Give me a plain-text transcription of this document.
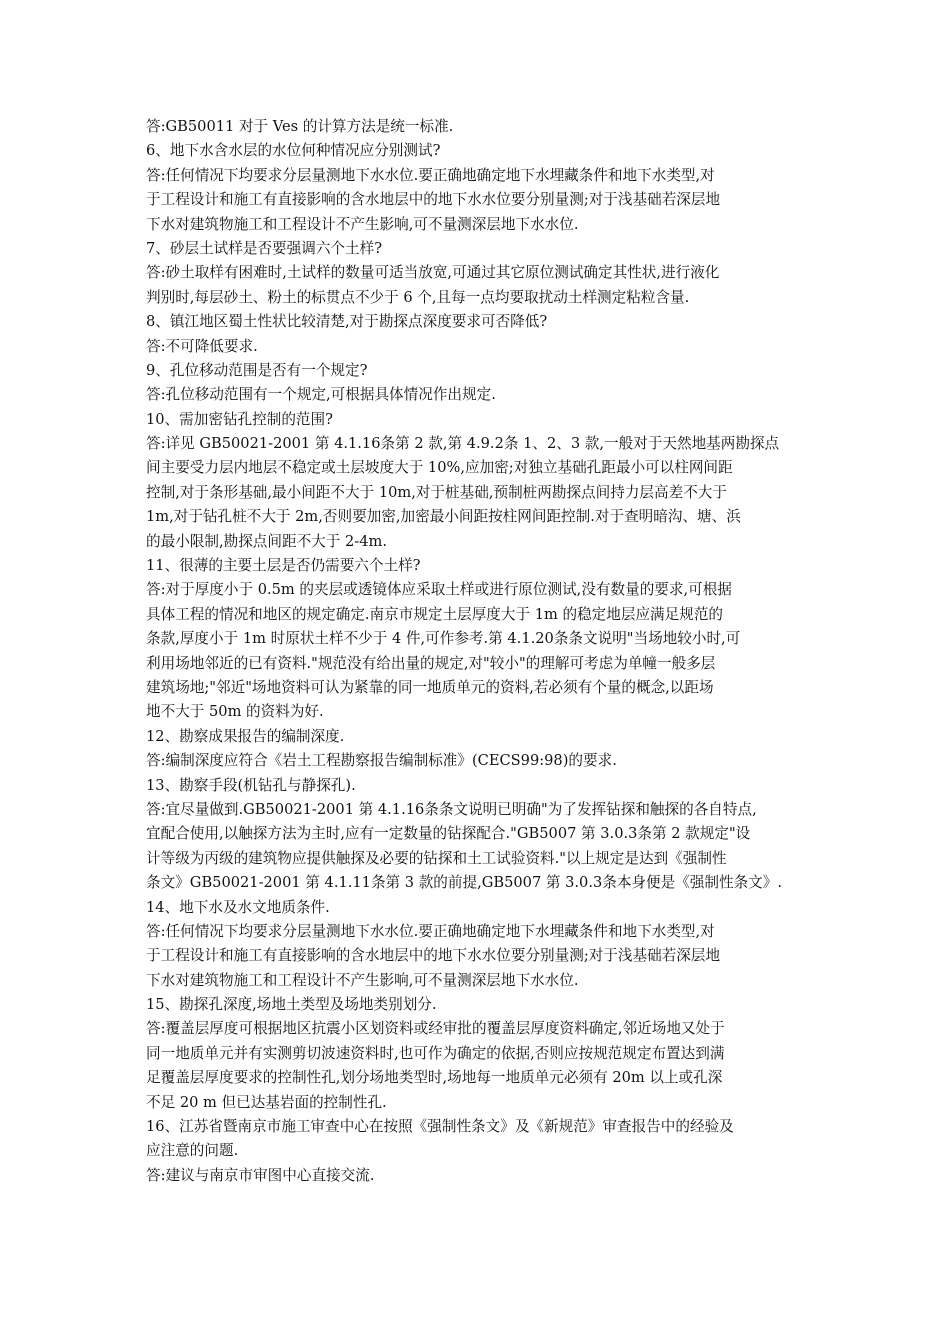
答:GB50011 对于 Ves 的计算方法是统一标准.
6、地下水含水层的水位何种情况应分别测试?
答:任何情况下均要求分层量测地下水水位.要正确地确定地下水埋藏条件和地下水类型,对
于工程设计和施工有直接影响的含水地层中的地下水水位要分别量测;对于浅基础若深层地
下水对建筑物施工和工程设计不产生影响,可不量测深层地下水水位.
7、砂层土试样是否要强调六个土样?
答:砂土取样有困难时,土试样的数量可适当放宽,可通过其它原位测试确定其性状,进行液化
判别时,每层砂土、粉土的标贯点不少于 6 个,且每一点均要取扰动土样测定粘粒含量.
8、镇江地区蜀土性状比较清楚,对于勘探点深度要求可否降低?
答:不可降低要求.
9、孔位移动范围是否有一个规定?
答:孔位移动范围有一个规定,可根据具体情况作出规定.
10、需加密钻孔控制的范围?
答:详见 GB50021-2001 第 4.1.16条第 2 款,第 4.9.2条 1、2、3 款,一般对于天然地基两勘探点
间主要受力层内地层不稳定或土层坡度大于 10%,应加密;对独立基础孔距最小可以柱网间距
控制,对于条形基础,最小间距不大于 10m,对于桩基础,预制桩两勘探点间持力层高差不大于
1m,对于钻孔桩不大于 2m,否则要加密,加密最小间距按柱网间距控制.对于查明暗沟、塘、浜
的最小限制,勘探点间距不大于 2-4m.
11、很薄的主要土层是否仍需要六个土样?
答:对于厚度小于 0.5m 的夹层或透镜体应采取土样或进行原位测试,没有数量的要求,可根据
具体工程的情况和地区的规定确定.南京市规定土层厚度大于 1m 的稳定地层应满足规范的
条款,厚度小于 1m 时原状土样不少于 4 件,可作参考.第 4.1.20条条文说明"当场地较小时,可
利用场地邻近的已有资料."规范没有给出量的规定,对"较小"的理解可考虑为单幢一般多层
建筑场地;"邻近"场地资料可认为紧靠的同一地质单元的资料,若必须有个量的概念,以距场
地不大于 50m 的资料为好.
12、勘察成果报告的编制深度.
答:编制深度应符合《岩土工程勘察报告编制标准》(CECS99:98)的要求.
13、勘察手段(机钻孔与静探孔).
答:宜尽量做到.GB50021-2001 第 4.1.16条条文说明已明确"为了发挥钻探和触探的各自特点,
宜配合使用,以触探方法为主时,应有一定数量的钻探配合."GB5007 第 3.0.3条第 2 款规定"设
计等级为丙级的建筑物应提供触探及必要的钻探和土工试验资料."以上规定是达到《强制性
条文》GB50021-2001 第 4.1.11条第 3 款的前提,GB5007 第 3.0.3条本身便是《强制性条文》.
14、地下水及水文地质条件.
答:任何情况下均要求分层量测地下水水位.要正确地确定地下水埋藏条件和地下水类型,对
于工程设计和施工有直接影响的含水地层中的地下水水位要分别量测;对于浅基础若深层地
下水对建筑物施工和工程设计不产生影响,可不量测深层地下水水位.
15、勘探孔深度,场地土类型及场地类别划分.
答:覆盖层厚度可根据地区抗震小区划资料或经审批的覆盖层厚度资料确定,邻近场地又处于
同一地质单元并有实测剪切波速资料时,也可作为确定的依据,否则应按规范规定布置达到满
足覆盖层厚度要求的控制性孔,划分场地类型时,场地每一地质单元必须有 20m 以上或孔深
不足 20 m 但已达基岩面的控制性孔.
16、江苏省暨南京市施工审查中心在按照《强制性条文》及《新规范》审查报告中的经验及
应注意的问题.
答:建议与南京市审图中心直接交流.
